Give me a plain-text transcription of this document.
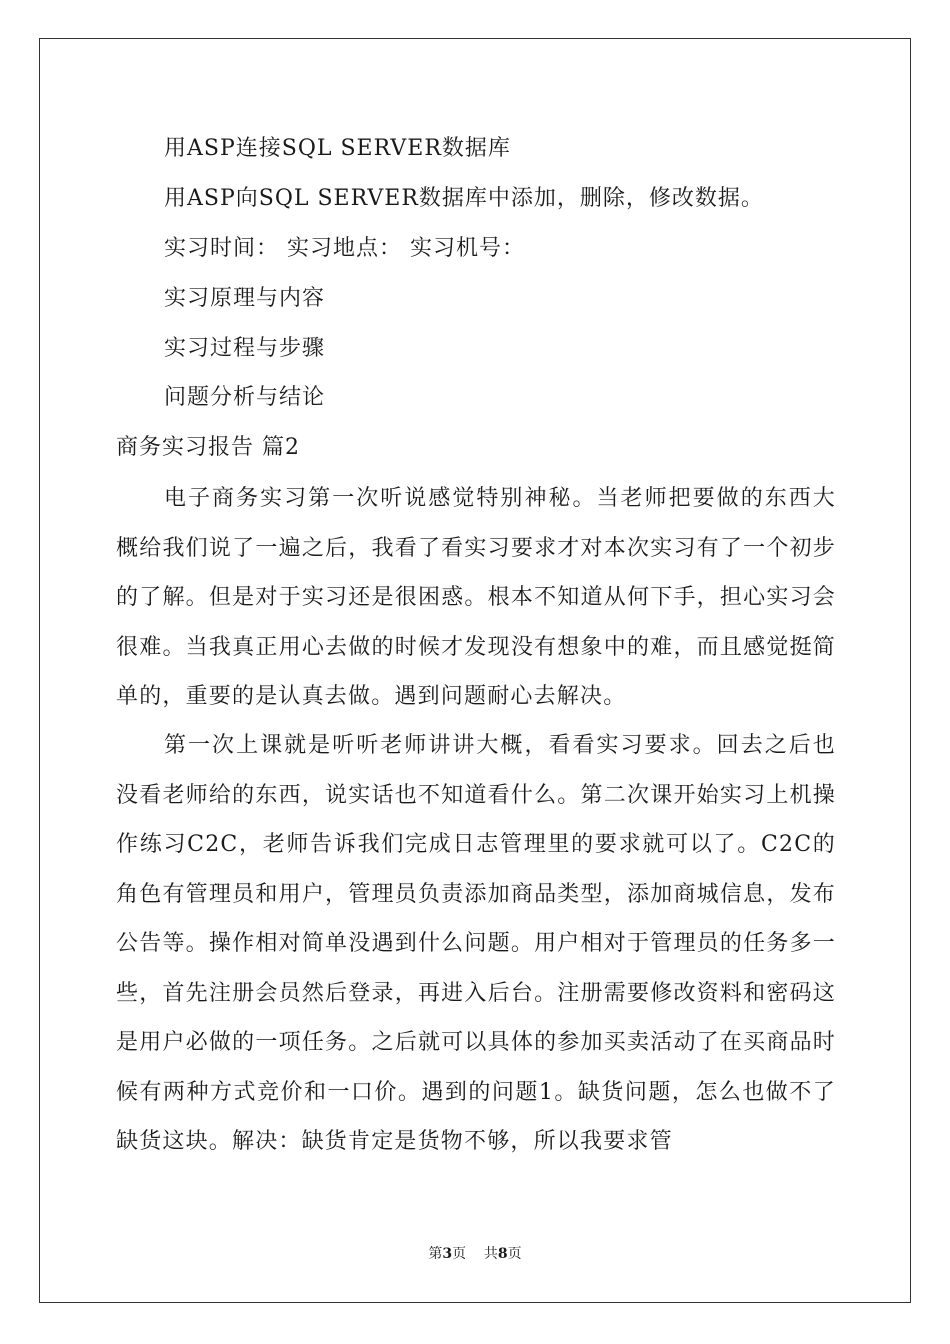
用ASP连接SQL SERVER数据库
用ASP向SQL SERVER数据库中添加，删除，修改数据。
实习时间： 实习地点： 实习机号：
实习原理与内容
实习过程与步骤
问题分析与结论
商务实习报告 篇2

电子商务实习第一次听说感觉特别神秘。当老师把要做的东西大概给我们说了一遍之后，我看了看实习要求才对本次实习有了一个初步的了解。但是对于实习还是很困惑。根本不知道从何下手，担心实习会很难。当我真正用心去做的时候才发现没有想象中的难，而且感觉挺简单的，重要的是认真去做。遇到问题耐心去解决。

第一次上课就是听听老师讲讲大概，看看实习要求。回去之后也没看老师给的东西，说实话也不知道看什么。第二次课开始实习上机操作练习C2C，老师告诉我们完成日志管理里的要求就可以了。C2C的角色有管理员和用户，管理员负责添加商品类型，添加商城信息，发布公告等。操作相对简单没遇到什么问题。用户相对于管理员的任务多一些，首先注册会员然后登录，再进入后台。注册需要修改资料和密码这是用户必做的一项任务。之后就可以具体的参加买卖活动了在买商品时候有两种方式竞价和一口价。遇到的问题1。缺货问题，怎么也做不了缺货这块。解决：缺货肯定是货物不够，所以我要求管

第3页    共8页
